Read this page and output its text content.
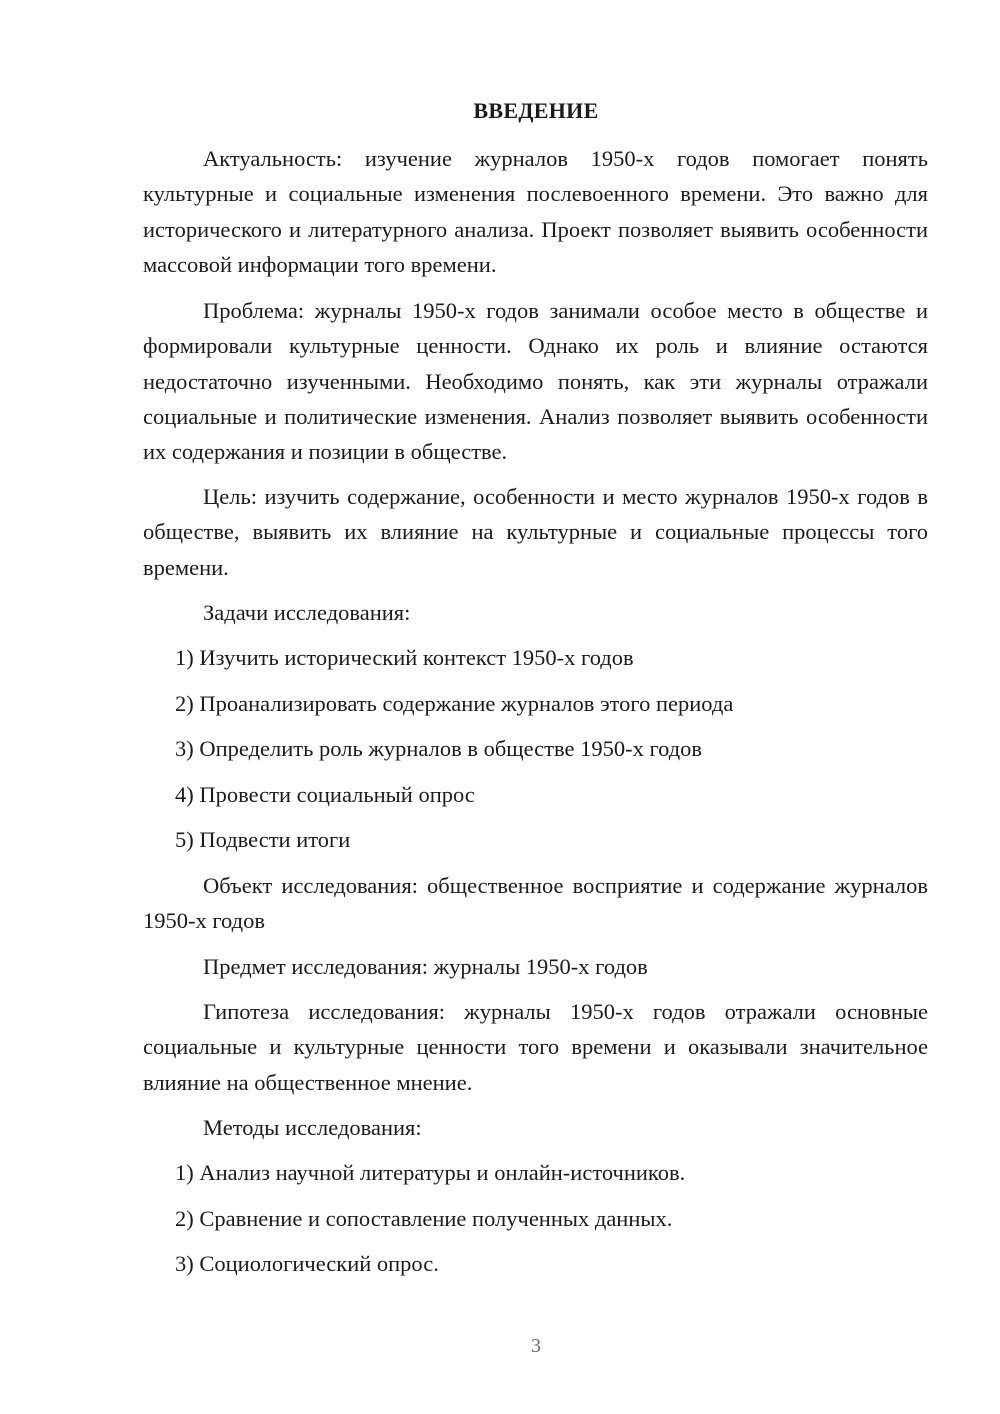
ВВЕДЕНИЕ

Актуальность: изучение журналов 1950-х годов помогает понять культурные и социальные изменения послевоенного времени. Это важно для исторического и литературного анализа. Проект позволяет выявить особенности массовой информации того времени.

Проблема: журналы 1950-х годов занимали особое место в обществе и формировали культурные ценности. Однако их роль и влияние остаются недостаточно изученными. Необходимо понять, как эти журналы отражали социальные и политические изменения. Анализ позволяет выявить особенности их содержания и позиции в обществе.

Цель: изучить содержание, особенности и место журналов 1950-х годов в обществе, выявить их влияние на культурные и социальные процессы того времени.

Задачи исследования:

1) Изучить исторический контекст 1950-х годов

2) Проанализировать содержание журналов этого периода

3) Определить роль журналов в обществе 1950-х годов

4) Провести социальный опрос

5) Подвести итоги

Объект исследования: общественное восприятие и содержание журналов 1950-х годов

Предмет исследования: журналы 1950-х годов

Гипотеза исследования: журналы 1950-х годов отражали основные социальные и культурные ценности того времени и оказывали значительное влияние на общественное мнение.

Методы исследования:

1) Анализ научной литературы и онлайн-источников.

2) Сравнение и сопоставление полученных данных.

3) Социологический опрос.

3
